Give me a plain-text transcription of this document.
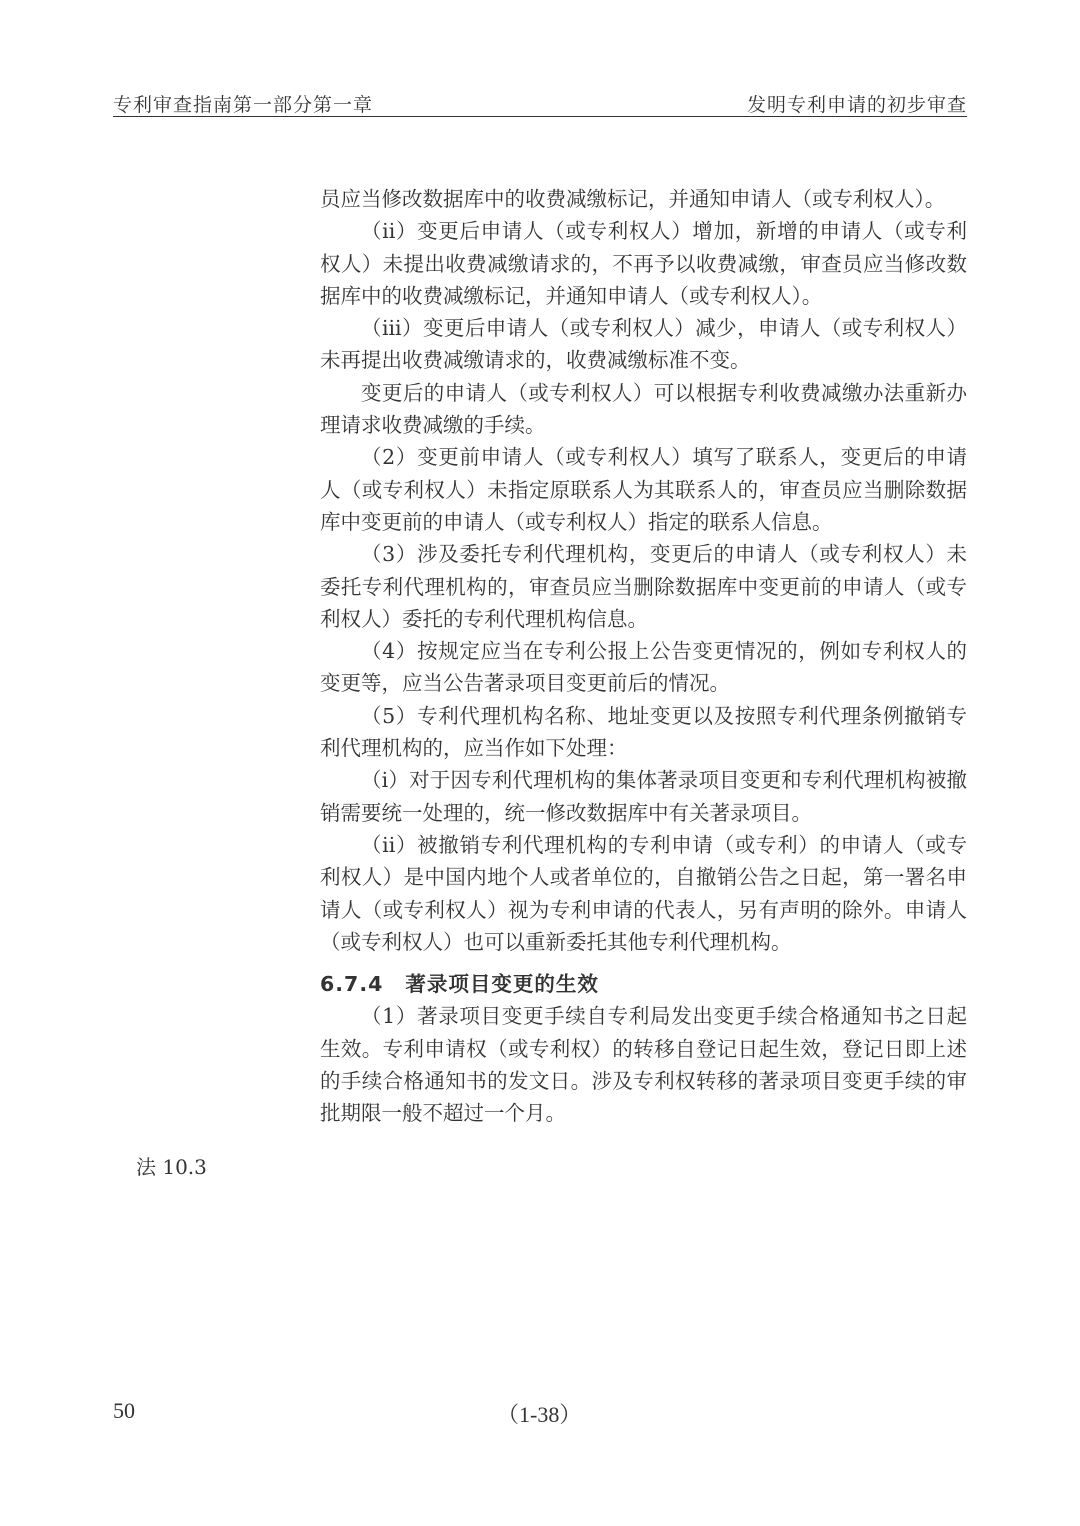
专利审查指南第一部分第一章	发明专利申请的初步审查

员应当修改数据库中的收费减缴标记，并通知申请人（或专利权人）。

（ii）变更后申请人（或专利权人）增加，新增的申请人（或专利权人）未提出收费减缴请求的，不再予以收费减缴，审查员应当修改数据库中的收费减缴标记，并通知申请人（或专利权人）。

（iii）变更后申请人（或专利权人）减少，申请人（或专利权人）未再提出收费减缴请求的，收费减缴标准不变。

变更后的申请人（或专利权人）可以根据专利收费减缴办法重新办理请求收费减缴的手续。

（2）变更前申请人（或专利权人）填写了联系人，变更后的申请人（或专利权人）未指定原联系人为其联系人的，审查员应当删除数据库中变更前的申请人（或专利权人）指定的联系人信息。

（3）涉及委托专利代理机构，变更后的申请人（或专利权人）未委托专利代理机构的，审查员应当删除数据库中变更前的申请人（或专利权人）委托的专利代理机构信息。

（4）按规定应当在专利公报上公告变更情况的，例如专利权人的变更等，应当公告著录项目变更前后的情况。

（5）专利代理机构名称、地址变更以及按照专利代理条例撤销专利代理机构的，应当作如下处理：

（i）对于因专利代理机构的集体著录项目变更和专利代理机构被撤销需要统一处理的，统一修改数据库中有关著录项目。

（ii）被撤销专利代理机构的专利申请（或专利）的申请人（或专利权人）是中国内地个人或者单位的，自撤销公告之日起，第一署名申请人（或专利权人）视为专利申请的代表人，另有声明的除外。申请人（或专利权人）也可以重新委托其他专利代理机构。

6.7.4 著录项目变更的生效

（1）著录项目变更手续自专利局发出变更手续合格通知书之日起生效。专利申请权（或专利权）的转移自登记日起生效，登记日即上述的手续合格通知书的发文日。涉及专利权转移的著录项目变更手续的审批期限一般不超过一个月。

法 10.3
50	（1-38）
